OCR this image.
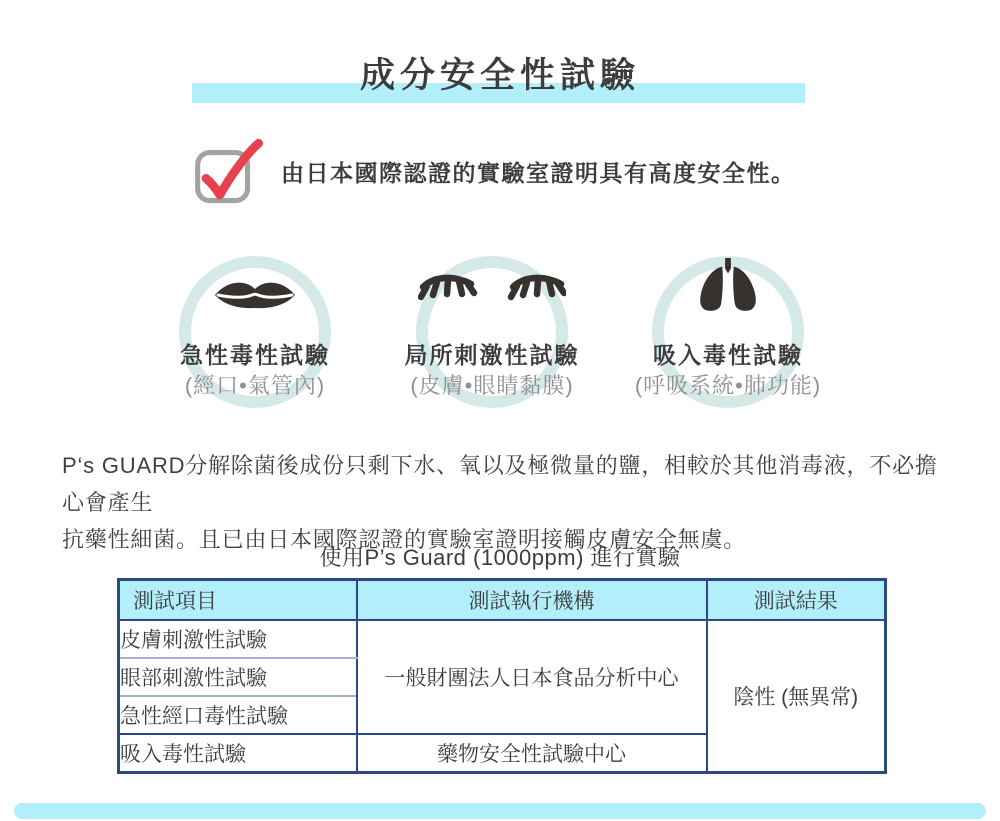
成分安全性試驗
由日本國際認證的實驗室證明具有高度安全性。
急性毒性試驗
(經口•氣管內)
局所刺激性試驗
(皮膚•眼睛黏膜)
吸入毒性試驗
(呼吸系統•肺功能)
P‘s GUARD分解除菌後成份只剩下水、氧以及極微量的鹽，相較於其他消毒液，不必擔心會產生
抗藥性細菌。且已由日本國際認證的實驗室證明接觸皮膚安全無虞。
使用P’s Guard (1000ppm) 進行實驗
測試項目	測試執行機構	測試結果
皮膚刺激性試驗	一般財團法人日本食品分析中心	陰性 (無異常)
眼部刺激性試驗		
急性經口毒性試驗		
吸入毒性試驗	藥物安全性試驗中心	
